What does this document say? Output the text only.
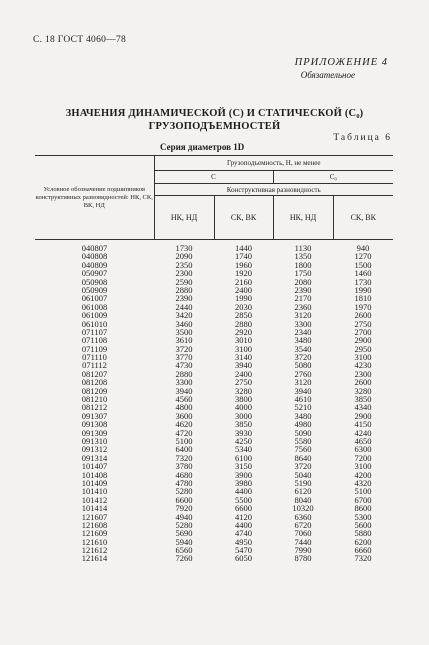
С. 18 ГОСТ 4060—78
ПРИЛОЖЕНИЕ 4
Обязательное
ЗНАЧЕНИЯ ДИНАМИЧЕСКОЙ (C) И СТАТИЧЕСКОЙ (C₀)
ГРУЗОПОДЪЕМНОСТЕЙ
Таблица 6
Серия диаметров 1D
Условное обозначение подшипников конструктивных разновидностей: НК, СК, ВК, НД	Грузоподъемность, Н, не менее			
	C		C₀	
	Конструктивная разновидность			
	НК, НД	СК, ВК	НК, НД	СК, ВК
040807	1730	1440	1130	940
040808	2090	1740	1350	1270
040809	2350	1960	1800	1500
050907	2300	1920	1750	1460
050908	2590	2160	2080	1730
050909	2880	2400	2390	1990
061007	2390	1990	2170	1810
061008	2440	2030	2360	1970
061009	3420	2850	3120	2600
061010	3460	2880	3300	2750
071107	3500	2920	2340	2700
071108	3610	3010	3480	2900
071109	3720	3100	3540	2950
071110	3770	3140	3720	3100
071112	4730	3940	5080	4230
081207	2880	2400	2760	2300
081208	3300	2750	3120	2600
081209	3940	3280	3940	3280
081210	4560	3800	4610	3850
081212	4800	4000	5210	4340
091307	3600	3000	3480	2900
091308	4620	3850	4980	4150
091309	4720	3930	5090	4240
091310	5100	4250	5580	4650
091312	6400	5340	7560	6300
091314	7320	6100	8640	7200
101407	3780	3150	3720	3100
101408	4680	3900	5040	4200
101409	4780	3980	5190	4320
101410	5280	4400	6120	5100
101412	6600	5500	8040	6700
101414	7920	6600	10320	8600
121607	4940	4120	6360	5300
121608	5280	4400	6720	5600
121609	5690	4740	7060	5880
121610	5940	4950	7440	6200
121612	6560	5470	7990	6660
121614	7260	6050	8780	7320
